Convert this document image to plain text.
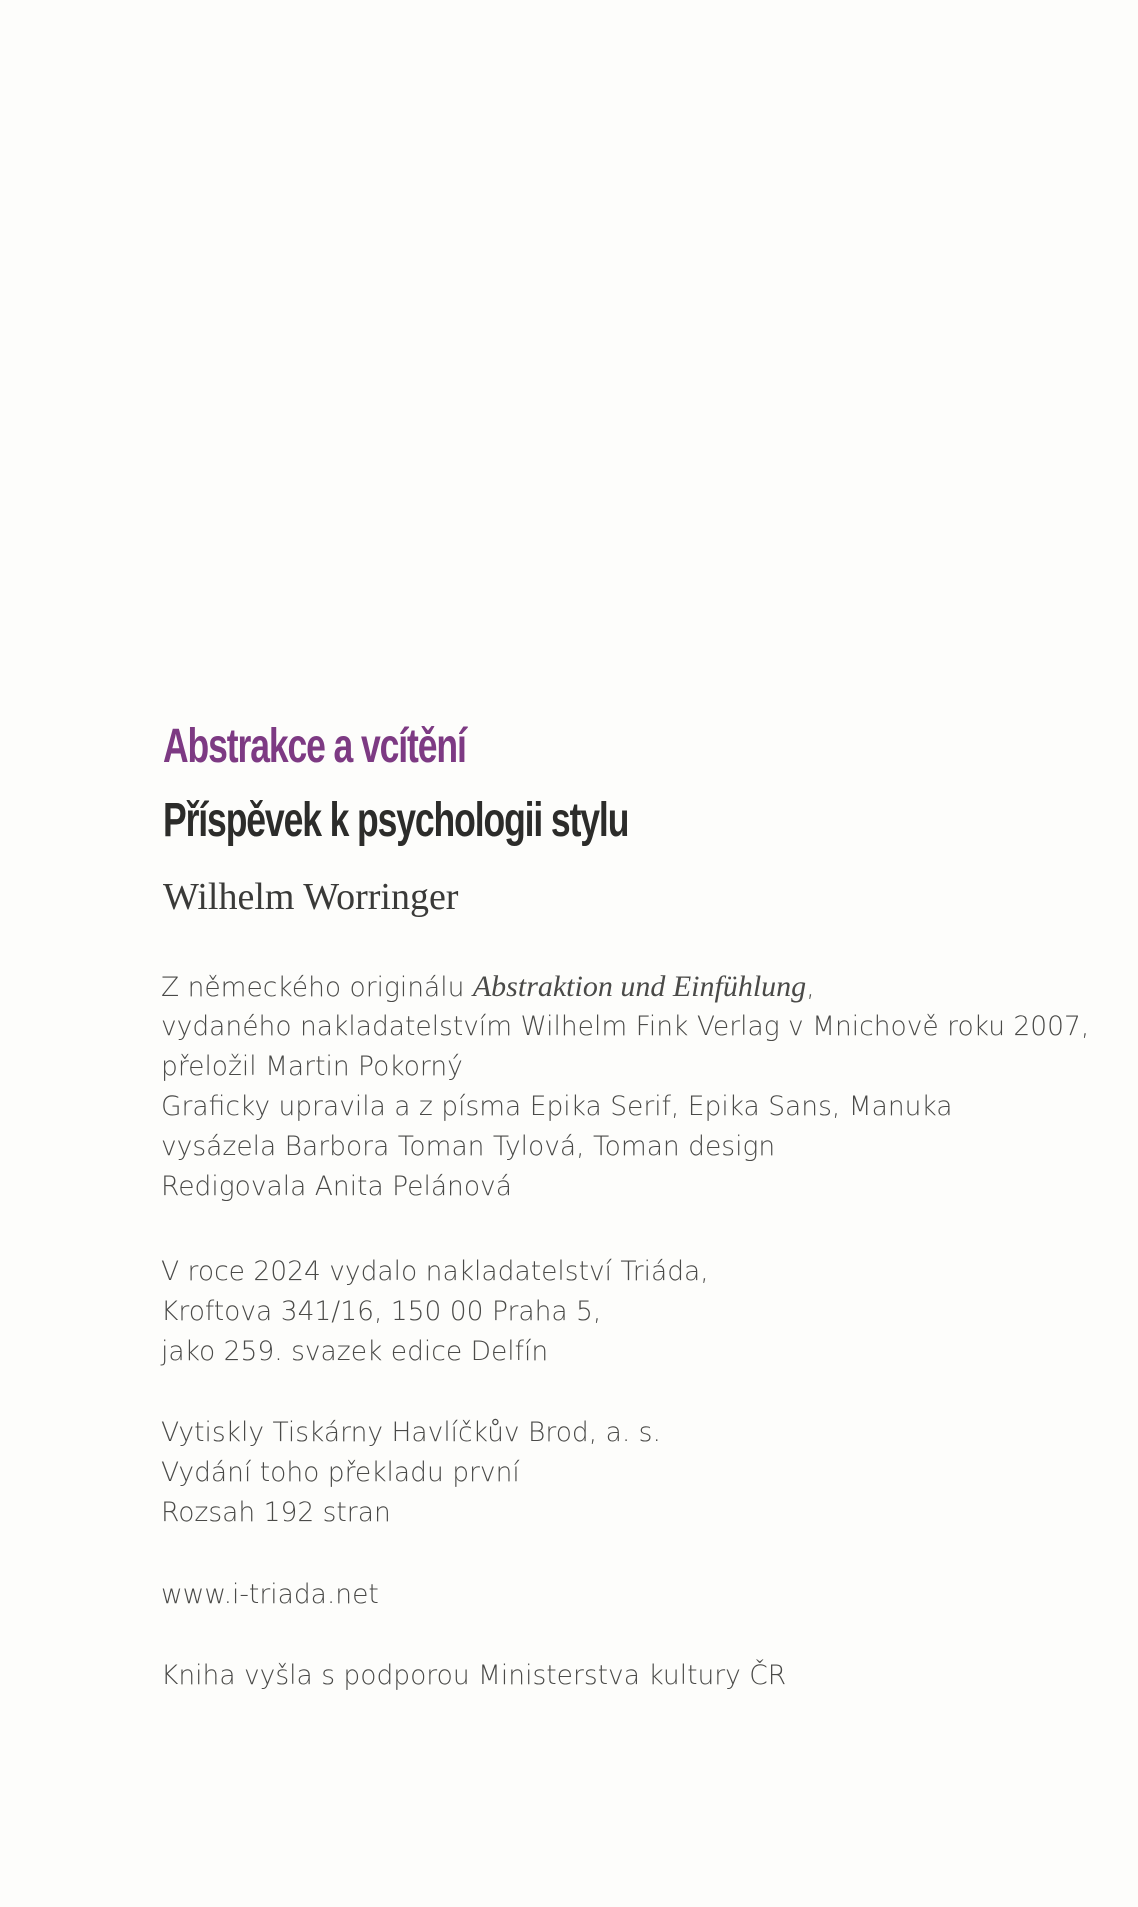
Abstrakce a vcítění
Příspěvek k psychologii stylu
Wilhelm Worringer
Z německého originálu Abstraktion und Einfühlung,
vydaného nakladatelstvím Wilhelm Fink Verlag v Mnichově roku 2007,
přeložil Martin Pokorný
Graficky upravila a z písma Epika Serif, Epika Sans, Manuka
vysázela Barbora Toman Tylová, Toman design
Redigovala Anita Pelánová
V roce 2024 vydalo nakladatelství Triáda,
Kroftova 341/16, 150 00 Praha 5,
jako 259. svazek edice Delfín
Vytiskly Tiskárny Havlíčkův Brod, a. s.
Vydání toho překladu první
Rozsah 192 stran
www.i-triada.net
Kniha vyšla s podporou Ministerstva kultury ČR
